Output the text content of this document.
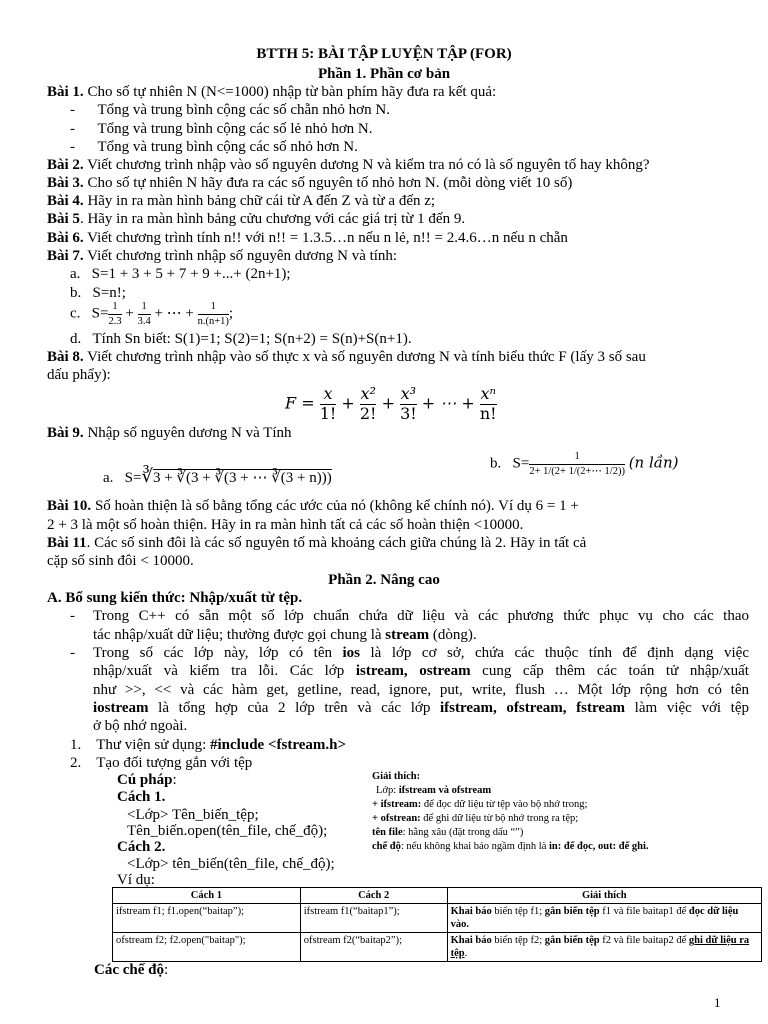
BTTH 5: BÀI TẬP LUYỆN TẬP (FOR)
Phần 1. Phần cơ bản
Bài 1. Cho số tự nhiên N (N<=1000) nhập từ bàn phím hãy đưa ra kết quả:
-      Tổng và trung bình cộng các số chẵn nhỏ hơn N.
-      Tổng và trung bình cộng các số lẻ nhỏ hơn N.
-      Tổng và trung bình cộng các số nhỏ hơn N.
Bài 2. Viết chương trình nhập vào số nguyên dương N và kiểm tra nó có là số nguyên tố hay không?
Bài 3. Cho số tự nhiên N hãy đưa ra các số nguyên tố nhỏ hơn N. (mỗi dòng viết 10 số)
Bài 4. Hãy in ra màn hình bảng chữ cái từ A đến Z và từ a đến z;
Bài 5. Hãy in ra màn hình bảng cửu chương với các giá trị từ 1 đến 9.
Bài 6. Viết chương trình tính n!! với n!! = 1.3.5…n nếu n lẻ, n!! = 2.4.6…n nếu n chẵn
Bài 7. Viết chương trình nhập số nguyên dương N và tính:
a.   S=1 + 3 + 5 + 7 + 9 +...+ (2n+1);
b.   S=n!;
c.   $S= \frac{1}{2.3} + \frac{1}{3.4}$ + ⋯ + $\frac{1}{n.(n+1)}$ ;
d.   Tính Sn biết: S(1)=1; S(2)=1; S(n+2) = S(n)+S(n+1).
Bài 8. Viết chương trình nhập vào số thực x và số nguyên dương N và tính biểu thức F (lấy 3 số sau
dấu phẩy):
$F = \frac{x}{1!} + \frac{\text{x²}}{2!} + \frac{\text{x³}}{3!}$ + ⋯ + $\frac{\text{xⁿ}}{n!}$
Bài 9. Nhập số nguyên dương N và Tính
a.   S=∛3 + ∛(3 + ∛(3 + ⋯ ∛(3 + n)))
b.   $S= \frac{1}{2+ 1/(2+ 1/(2+\cdots 1/2))} (n$ lần)
Bài 10. Số hoàn thiện là số bằng tổng các ước của nó (không kể chính nó). Ví dụ 6 = 1 +
2 + 3 là một số hoàn thiện. Hãy in ra màn hình tất cả các số hoàn thiện <10000.
Bài 11. Các số sinh đôi là các số nguyên tố mà khoảng cách giữa chúng là 2. Hãy in tất cả
cặp số sinh đôi < 10000.
Phần 2. Nâng cao
A. Bổ sung kiến thức: Nhập/xuất từ tệp.
- Trong C++ có sẵn một số lớp chuẩn chứa dữ liệu và các phương thức phục vụ cho các thao
tác nhập/xuất dữ liệu; thường được gọi chung là stream (dòng).
- Trong số các lớp này, lớp có tên ios là lớp cơ sở, chứa các thuộc tính để định dạng việc
nhập/xuất và kiểm tra lỗi. Các lớp istream, ostream cung cấp thêm các toán tử nhập/xuất
như >>, << và các hàm get, getline, read, ignore, put, write, flush … Một lớp rộng hơn có tên
iostream là tổng hợp của 2 lớp trên và các lớp ifstream, ofstream, fstream làm việc với tệp
ở bộ nhớ ngoài.
1.    Thư viện sử dụng: #include <fstream.h>
2.    Tạo đối tượng gắn với tệp
Cú pháp:
Cách 1.
<Lớp> Tên_biến_tệp;
Tên_biến.open(tên_file, chế_độ);
Cách 2.
<Lớp> tên_biến(tên_file, chế_độ);
Ví dụ:
Giải thích:
Lớp: ifstream và ofstream
+ ifstream: để đọc dữ liệu từ tệp vào bộ nhớ trong;
+ ofstrean: để ghi dữ liệu từ bộ nhớ trong ra tệp;
tên file: hằng xâu (đặt trong dấu “”)
chế độ: nếu không khai báo ngầm định là in: để đọc, out: để ghi.
Cách 1	Cách 2	Giải thích
ifstream f1; f1.open(“baitap”);	ifstream f1(“baitap1”);	Khai báo biến tệp f1; gắn biến tệp f1 và file baitap1 để đọc dữ liệu vào.
ofstream f2; f2.open("baitap");	ofstream f2(“baitap2”);	Khai báo biến tệp f2; gắn biến tệp f2 và file baitap2 để ghi dữ liệu ra tệp.
Các chế độ:
1
